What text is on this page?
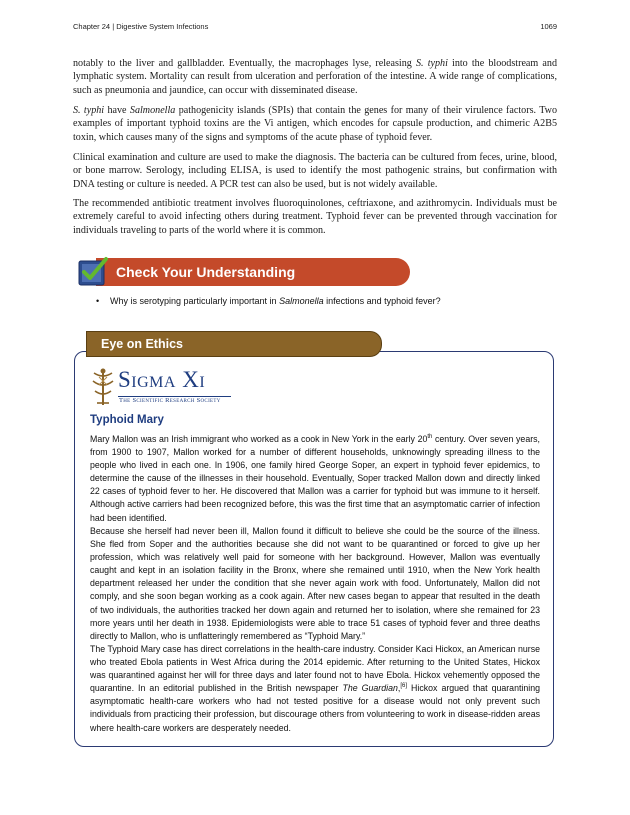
Chapter 24 | Digestive System Infections	1069

notably to the liver and gallbladder. Eventually, the macrophages lyse, releasing S. typhi into the bloodstream and lymphatic system. Mortality can result from ulceration and perforation of the intestine. A wide range of complications, such as pneumonia and jaundice, can occur with disseminated disease.

S. typhi have Salmonella pathogenicity islands (SPIs) that contain the genes for many of their virulence factors. Two examples of important typhoid toxins are the Vi antigen, which encodes for capsule production, and chimeric A2B5 toxin, which causes many of the signs and symptoms of the acute phase of typhoid fever.

Clinical examination and culture are used to make the diagnosis. The bacteria can be cultured from feces, urine, blood, or bone marrow. Serology, including ELISA, is used to identify the most pathogenic strains, but confirmation with DNA testing or culture is needed. A PCR test can also be used, but is not widely available.

The recommended antibiotic treatment involves fluoroquinolones, ceftriaxone, and azithromycin. Individuals must be extremely careful to avoid infecting others during treatment. Typhoid fever can be prevented through vaccination for individuals traveling to parts of the world where it is common.

Check Your Understanding
• Why is serotyping particularly important in Salmonella infections and typhoid fever?
Eye on Ethics
Sigma Xi
The Scientific Research Society
Typhoid Mary

Mary Mallon was an Irish immigrant who worked as a cook in New York in the early 20th century. Over seven years, from 1900 to 1907, Mallon worked for a number of different households, unknowingly spreading illness to the people who lived in each one. In 1906, one family hired George Soper, an expert in typhoid fever epidemics, to determine the cause of the illnesses in their household. Eventually, Soper tracked Mallon down and directly linked 22 cases of typhoid fever to her. He discovered that Mallon was a carrier for typhoid but was immune to it herself. Although active carriers had been recognized before, this was the first time that an asymptomatic carrier of infection had been identified.

Because she herself had never been ill, Mallon found it difficult to believe she could be the source of the illness. She fled from Soper and the authorities because she did not want to be quarantined or forced to give up her profession, which was relatively well paid for someone with her background. However, Mallon was eventually caught and kept in an isolation facility in the Bronx, where she remained until 1910, when the New York health department released her under the condition that she never again work with food. Unfortunately, Mallon did not comply, and she soon began working as a cook again. After new cases began to appear that resulted in the death of two individuals, the authorities tracked her down again and returned her to isolation, where she remained for 23 more years until her death in 1938. Epidemiologists were able to trace 51 cases of typhoid fever and three deaths directly to Mallon, who is unflatteringly remembered as “Typhoid Mary.”

The Typhoid Mary case has direct correlations in the health-care industry. Consider Kaci Hickox, an American nurse who treated Ebola patients in West Africa during the 2014 epidemic. After returning to the United States, Hickox was quarantined against her will for three days and later found not to have Ebola. Hickox vehemently opposed the quarantine. In an editorial published in the British newspaper The Guardian,[6] Hickox argued that quarantining asymptomatic health-care workers who had not tested positive for a disease would not only prevent such individuals from practicing their profession, but discourage others from volunteering to work in disease-ridden areas where health-care workers are desperately needed.
